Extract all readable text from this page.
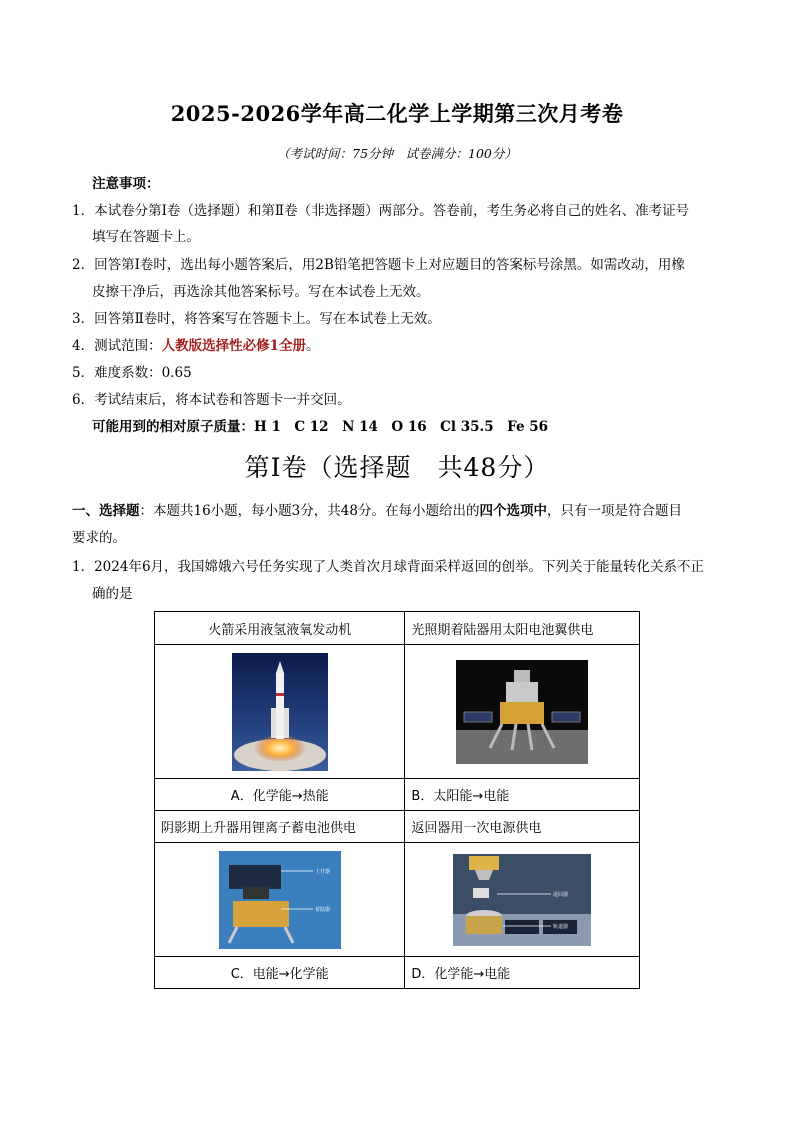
2025-2026学年高二化学上学期第三次月考卷
（考试时间：75分钟　试卷满分：100分）
注意事项：
1．本试卷分第Ⅰ卷（选择题）和第Ⅱ卷（非选择题）两部分。答卷前，考生务必将自己的姓名、准考证号
填写在答题卡上。
2．回答第Ⅰ卷时，选出每小题答案后，用2B铅笔把答题卡上对应题目的答案标号涂黑。如需改动，用橡
皮擦干净后，再选涂其他答案标号。写在本试卷上无效。
3．回答第Ⅱ卷时，将答案写在答题卡上。写在本试卷上无效。
4．测试范围：人教版选择性必修1全册。
5．难度系数：0.65
6．考试结束后，将本试卷和答题卡一并交回。
可能用到的相对原子质量：H 1　C 12　N 14　O 16　Cl 35.5　Fe 56
第Ⅰ卷（选择题　共48分）
一、选择题：本题共16小题，每小题3分，共48分。在每小题给出的四个选项中，只有一项是符合题目
要求的。
1．2024年6月，我国嫦娥六号任务实现了人类首次月球背面采样返回的创举。下列关于能量转化关系不正
确的是
火箭采用液氢液氧发动机	光照期着陆器用太阳电池翼供电

A．化学能→热能	B．太阳能→电能
阴影期上升器用锂离子蓄电池供电	返回器用一次电源供电

上升器
着陆器	返回器
轨道器

C．电能→化学能	D．化学能→电能
